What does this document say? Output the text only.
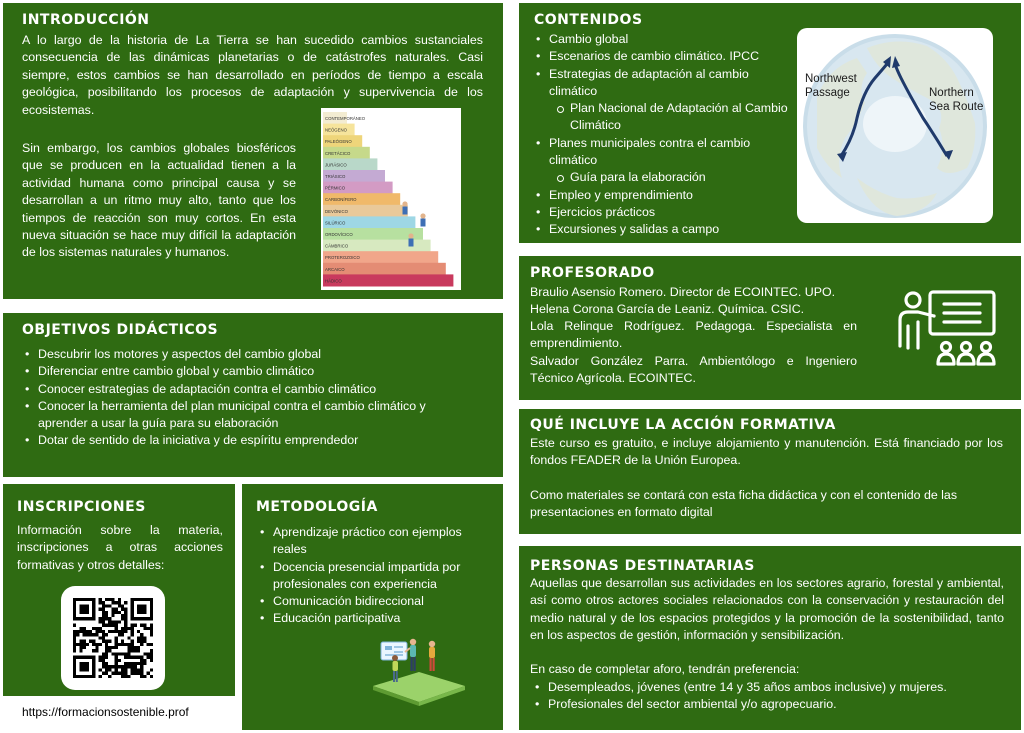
INTRODUCCIÓN
A lo largo de la historia de La Tierra se han sucedido cambios sustanciales consecuencia de las dinámicas planetarias o de catástrofes naturales. Casi siempre, estos cambios se han desarrollado en períodos de tiempo a escala geológica, posibilitando los procesos de adaptación y supervivencia de los ecosistemas.
Sin embargo, los cambios globales biosféricos que se producen en la actualidad tienen a la actividad humana como principal causa y se desarrollan a un ritmo muy alto, tanto que los tiempos de reacción son muy cortos. En esta nueva situación se hace muy difícil la adaptación de los sistemas naturales y humanos.
CONTEMPORÁNEO
NEÓGENO
PALEÓGENO
CRETÁCICO
JURÁSICO
TRIÁSICO
PÉRMICO
CARBONÍFERO
DEVÓNICO
SILÚRICO
ORDOVÍCICO
CÁMBRICO
PROTEROZOICO
ARCAICO
HÁDICO
OBJETIVOS DIDÁCTICOS
• Descubrir los motores y aspectos del cambio global
• Diferenciar entre cambio global y cambio climático
• Conocer estrategias de adaptación contra el cambio climático
• Conocer la herramienta del plan municipal contra el cambio climático y aprender a usar la guía para su elaboración
• Dotar de sentido de la iniciativa y de espíritu emprendedor
INSCRIPCIONES
Información sobre la materia, inscripciones a otras acciones formativas y otros detalles:
https://formacionsostenible.prof
METODOLOGÍA
• Aprendizaje práctico con ejemplos reales
• Docencia presencial impartida por profesionales con experiencia
• Comunicación bidireccional
• Educación participativa
CONTENIDOS
• Cambio global
• Escenarios de cambio climático. IPCC
• Estrategias de adaptación al cambio climático
Plan Nacional de Adaptación al Cambio Climático
• Planes municipales contra el cambio climático
Guía para la elaboración
• Empleo y emprendimiento
• Ejercicios prácticos
• Excursiones y salidas a campo
Northwest Passage	Northern Sea Route
PROFESORADO
Braulio Asensio Romero. Director de ECOINTEC. UPO.
Helena Corona García de Leaniz. Química. CSIC.
Lola Relinque Rodríguez. Pedagoga. Especialista en emprendimiento.
Salvador González Parra. Ambientólogo e Ingeniero Técnico Agrícola. ECOINTEC.
QUÉ INCLUYE LA ACCIÓN FORMATIVA
Este curso es gratuito, e incluye alojamiento y manutención. Está financiado por los fondos FEADER de la Unión Europea.
Como materiales se contará con esta ficha didáctica y con el contenido de las presentaciones en formato digital
PERSONAS DESTINATARIAS
Aquellas que desarrollan sus actividades en los sectores agrario, forestal y ambiental, así como otros actores sociales relacionados con la conservación y restauración del medio natural y de los espacios protegidos y la promoción de la sostenibilidad, tanto en los aspectos de gestión, información y sensibilización.
En caso de completar aforo, tendrán preferencia:
• Desempleados, jóvenes (entre 14 y 35 años ambos inclusive) y mujeres.
• Profesionales del sector ambiental y/o agropecuario.
